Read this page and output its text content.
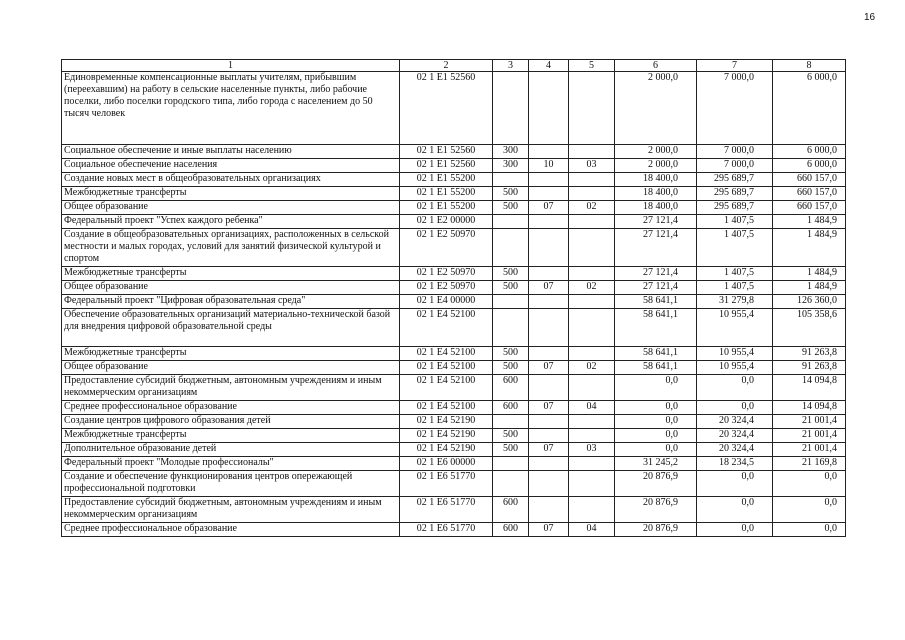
16
1	2	3	4	5	6	7	8
Единовременные компенсационные выплаты учителям, прибывшим (переехавшим) на работу в сельские населенные пункты, либо рабочие поселки, либо поселки городского типа, либо города с населением до 50 тысяч человек	02 1 E1 52560				2 000,0	7 000,0	6 000,0
Социальное обеспечение и иные выплаты населению	02 1 E1 52560	300			2 000,0	7 000,0	6 000,0
Социальное обеспечение населения	02 1 E1 52560	300	10	03	2 000,0	7 000,0	6 000,0
Создание новых мест в общеобразовательных организациях	02 1 E1 55200				18 400,0	295 689,7	660 157,0
Межбюджетные трансферты	02 1 E1 55200	500			18 400,0	295 689,7	660 157,0
Общее образование	02 1 E1 55200	500	07	02	18 400,0	295 689,7	660 157,0
Федеральный проект "Успех каждого ребенка"	02 1 E2 00000				27 121,4	1 407,5	1 484,9
Создание в общеобразовательных организациях, расположенных в сельской местности и малых городах, условий для занятий физической культурой и спортом	02 1 E2 50970				27 121,4	1 407,5	1 484,9
Межбюджетные трансферты	02 1 E2 50970	500			27 121,4	1 407,5	1 484,9
Общее образование	02 1 E2 50970	500	07	02	27 121,4	1 407,5	1 484,9
Федеральный проект "Цифровая образовательная среда"	02 1 E4 00000				58 641,1	31 279,8	126 360,0
Обеспечение образовательных организаций материально-технической базой для внедрения цифровой образовательной среды	02 1 E4 52100				58 641,1	10 955,4	105 358,6
Межбюджетные трансферты	02 1 E4 52100	500			58 641,1	10 955,4	91 263,8
Общее образование	02 1 E4 52100	500	07	02	58 641,1	10 955,4	91 263,8
Предоставление субсидий бюджетным, автономным учреждениям и иным некоммерческим организациям	02 1 E4 52100	600			0,0	0,0	14 094,8
Среднее профессиональное образование	02 1 E4 52100	600	07	04	0,0	0,0	14 094,8
Создание центров цифрового образования детей	02 1 E4 52190				0,0	20 324,4	21 001,4
Межбюджетные трансферты	02 1 E4 52190	500			0,0	20 324,4	21 001,4
Дополнительное образование детей	02 1 E4 52190	500	07	03	0,0	20 324,4	21 001,4
Федеральный проект "Молодые профессионалы"	02 1 E6 00000				31 245,2	18 234,5	21 169,8
Создание и обеспечение функционирования центров опережающей профессиональной подготовки	02 1 E6 51770				20 876,9	0,0	0,0
Предоставление субсидий бюджетным, автономным учреждениям и иным некоммерческим организациям	02 1 E6 51770	600			20 876,9	0,0	0,0
Среднее профессиональное образование	02 1 E6 51770	600	07	04	20 876,9	0,0	0,0
